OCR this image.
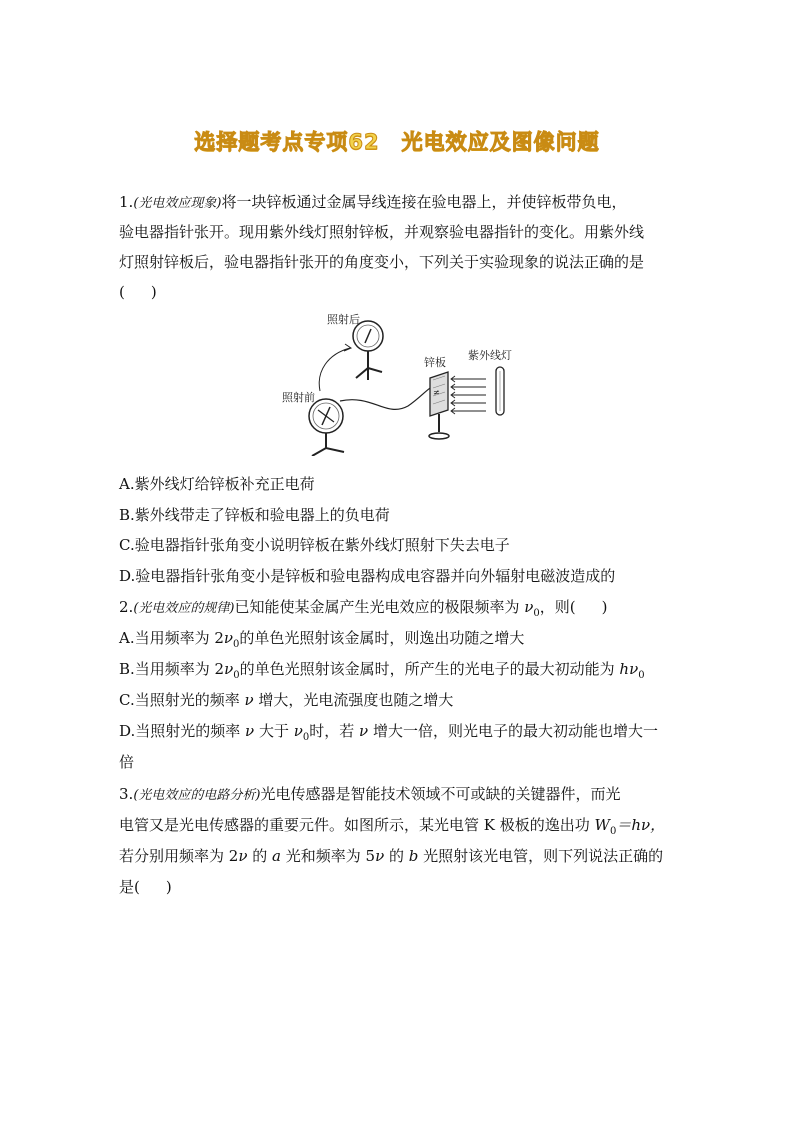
选择题考点专项62　光电效应及图像问题
1.(光电效应现象)将一块锌板通过金属导线连接在验电器上，并使锌板带负电，
验电器指针张开。现用紫外线灯照射锌板，并观察验电器指针的变化。用紫外线
灯照射锌板后，验电器指针张开的角度变小，下列关于实验现象的说法正确的是
( )
照射后
照射前	≠
锌板
紫外线灯
A.紫外线灯给锌板补充正电荷
B.紫外线带走了锌板和验电器上的负电荷
C.验电器指针张角变小说明锌板在紫外线灯照射下失去电子
D.验电器指针张角变小是锌板和验电器构成电容器并向外辐射电磁波造成的
2.(光电效应的规律)已知能使某金属产生光电效应的极限频率为 $\nu_0$，则( )
A.当用频率为 $2\nu_0$的单色光照射该金属时，则逸出功随之增大
B.当用频率为 $2\nu_0$的单色光照射该金属时，所产生的光电子的最大初动能为 $h\nu_0$
C.当照射光的频率 ν 增大，光电流强度也随之增大
D.当照射光的频率 ν 大于 $\nu_0$时，若 ν 增大一倍，则光电子的最大初动能也增大一
倍
3.(光电效应的电路分析)光电传感器是智能技术领域不可或缺的关键器件，而光
电管又是光电传感器的重要元件。如图所示，某光电管 K 极板的逸出功 $W_0=h\nu$，
若分别用频率为 2ν 的 a 光和频率为 5ν 的 b 光照射该光电管，则下列说法正确的
是( )
